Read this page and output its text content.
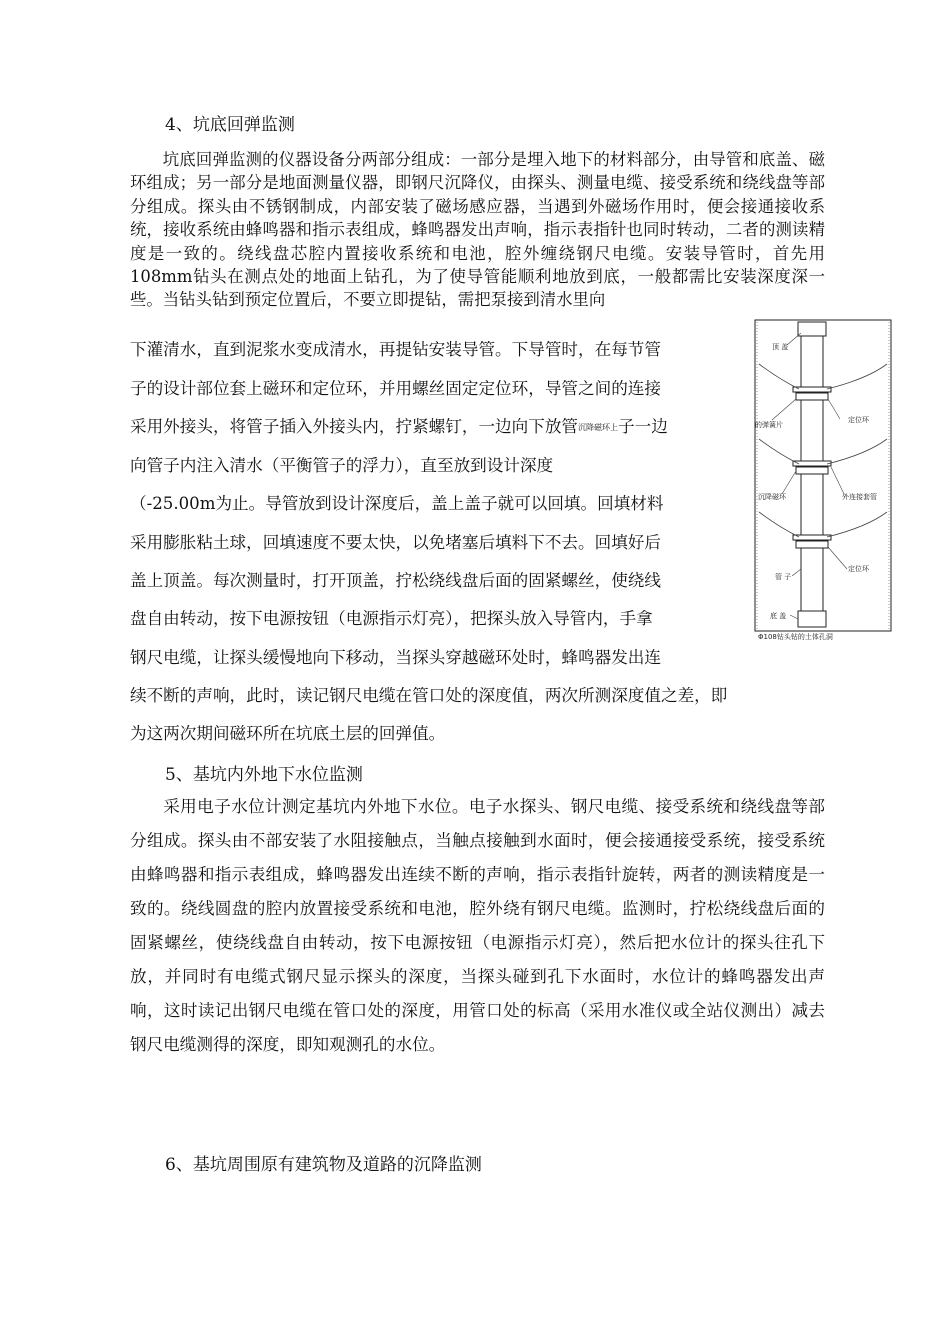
4、坑底回弹监测
坑底回弹监测的仪器设备分两部分组成：一部分是埋入地下的材料部分，由导管和底盖、磁环组成；另一部分是地面测量仪器，即钢尺沉降仪，由探头、测量电缆、接受系统和绕线盘等部分组成。探头由不锈钢制成，内部安装了磁场感应器，当遇到外磁场作用时，便会接通接收系统，接收系统由蜂鸣器和指示表组成，蜂鸣器发出声响，指示表指针也同时转动，二者的测读精度是一致的。绕线盘芯腔内置接收系统和电池，腔外缠绕钢尺电缆。安装导管时，首先用108mm钻头在测点处的地面上钻孔，为了使导管能顺利地放到底，一般都需比安装深度深一些。当钻头钻到预定位置后，不要立即提钻，需把泵接到清水里向
下灌清水，直到泥浆水变成清水，再提钻安装导管。下导管时，在每节管
子的设计部位套上磁环和定位环，并用螺丝固定定位环，导管之间的连接
采用外接头，将管子插入外接头内，拧紧螺钉，一边向下放管沉降磁环上子一边
向管子内注入清水（平衡管子的浮力），直至放到设计深度
（-25.00m为止。导管放到设计深度后，盖上盖子就可以回填。回填材料
采用膨胀粘土球，回填速度不要太快，以免堵塞后填料下不去。回填好后
盖上顶盖。每次测量时，打开顶盖，拧松绕线盘后面的固紧螺丝，使绕线
盘自由转动，按下电源按钮（电源指示灯亮），把探头放入导管内，手拿
钢尺电缆，让探头缓慢地向下移动，当探头穿越磁环处时，蜂鸣器发出连
续不断的声响，此时，读记钢尺电缆在管口处的深度值，两次所测深度值之差，即
为这两次期间磁环所在坑底土层的回弹值。
5、基坑内外地下水位监测
采用电子水位计测定基坑内外地下水位。电子水探头、钢尺电缆、接受系统和绕线盘等部分组成。探头由不部安装了水阻接触点，当触点接触到水面时，便会接通接受系统，接受系统由蜂鸣器和指示表组成，蜂鸣器发出连续不断的声响，指示表指针旋转，两者的测读精度是一致的。绕线圆盘的腔内放置接受系统和电池，腔外绕有钢尺电缆。监测时，拧松绕线盘后面的固紧螺丝，使绕线盘自由转动，按下电源按钮（电源指示灯亮），然后把水位计的探头往孔下放，并同时有电缆式钢尺显示探头的深度，当探头碰到孔下水面时，水位计的蜂鸣器发出声响，这时读记出钢尺电缆在管口处的深度，用管口处的标高（采用水准仪或全站仪测出）减去钢尺电缆测得的深度，即知观测孔的水位。
6、基坑周围原有建筑物及道路的沉降监测
顶 盖
定位环
的弹簧片
沉降磁环	外连接套管
定位环
管 子
底 盖
Φ108钻头钻的土体孔洞
